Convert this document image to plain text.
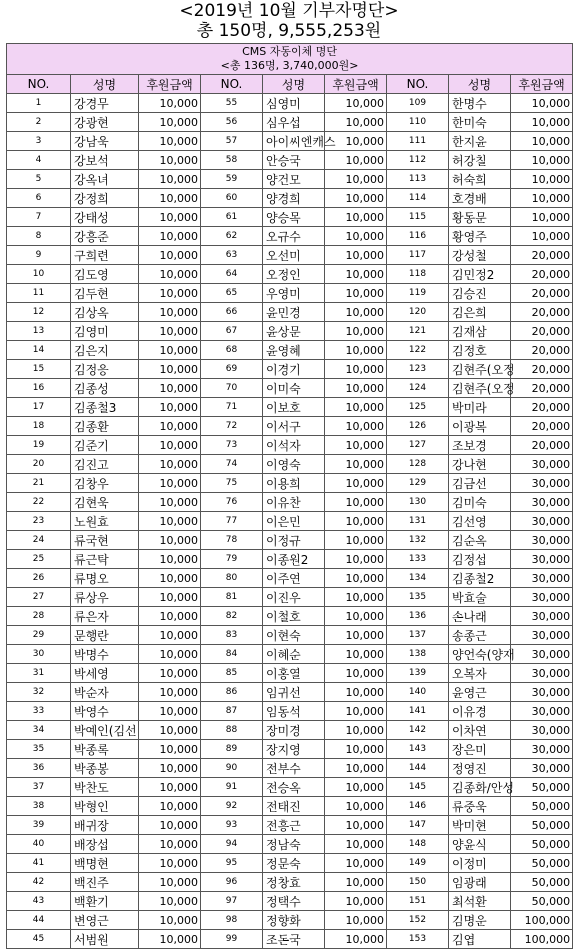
<2019년 10월 기부자명단>
총 150명, 9,555,253원
CMS 자동이체 명단
<총 136명, 3,740,000원>								

NO.	성명	후원금액	NO.	성명	후원금액	NO.	성명	후원금액
1	강경무	10,000	55	심영미	10,000	109	한명수	10,000
2	강광현	10,000	56	심우섭	10,000	110	한미숙	10,000
3	강남욱	10,000	57	아이씨엔캐스	10,000	111	한지윤	10,000
4	강보석	10,000	58	안승국	10,000	112	허강칠	10,000
5	강옥녀	10,000	59	양건모	10,000	113	허숙희	10,000
6	강정희	10,000	60	양경희	10,000	114	호경배	10,000
7	강태성	10,000	61	양승목	10,000	115	황동문	10,000
8	강흥준	10,000	62	오규수	10,000	116	황영주	10,000
9	구희련	10,000	63	오선미	10,000	117	강성철	20,000
10	김도영	10,000	64	오정인	10,000	118	김민정2	20,000
11	김두현	10,000	65	우영미	10,000	119	김승진	20,000
12	김상옥	10,000	66	윤민경	10,000	120	김은희	20,000
13	김영미	10,000	67	윤상문	10,000	121	김재삼	20,000
14	김은지	10,000	68	윤영혜	10,000	122	김정호	20,000
15	김정응	10,000	69	이경기	10,000	123	김현주(오정	20,000
16	김종성	10,000	70	이미숙	10,000	124	김현주(오정	20,000
17	김종철3	10,000	71	이보호	10,000	125	박미라	20,000
18	김종환	10,000	72	이서구	10,000	126	이광복	20,000
19	김준기	10,000	73	이석자	10,000	127	조보경	20,000
20	김진고	10,000	74	이영숙	10,000	128	강나현	30,000
21	김창우	10,000	75	이용희	10,000	129	김금선	30,000
22	김현욱	10,000	76	이유찬	10,000	130	김미숙	30,000
23	노원효	10,000	77	이은민	10,000	131	김선영	30,000
24	류국현	10,000	78	이정규	10,000	132	김순옥	30,000
25	류근탁	10,000	79	이종원2	10,000	133	김정섭	30,000
26	류명오	10,000	80	이주연	10,000	134	김종철2	30,000
27	류상우	10,000	81	이진우	10,000	135	박효술	30,000
28	류은자	10,000	82	이철호	10,000	136	손나래	30,000
29	문행란	10,000	83	이현숙	10,000	137	송종근	30,000
30	박명수	10,000	84	이혜순	10,000	138	양언숙(양재	30,000
31	박세영	10,000	85	이홍열	10,000	139	오복자	30,000
32	박순자	10,000	86	임귀선	10,000	140	윤영근	30,000
33	박영수	10,000	87	임동석	10,000	141	이유경	30,000
34	박예인(김선	10,000	88	장미경	10,000	142	이차연	30,000
35	박종록	10,000	89	장지영	10,000	143	장은미	30,000
36	박종봉	10,000	90	전부수	10,000	144	정영진	30,000
37	박찬도	10,000	91	전승옥	10,000	145	김종화/안성	50,000
38	박형인	10,000	92	전태진	10,000	146	류중욱	50,000
39	배귀장	10,000	93	전흥근	10,000	147	박미현	50,000
40	배장섭	10,000	94	정남숙	10,000	148	양윤식	50,000
41	백명현	10,000	95	정문숙	10,000	149	이정미	50,000
42	백진주	10,000	96	정창효	10,000	150	임광래	50,000
43	백환기	10,000	97	정택수	10,000	151	최석환	50,000
44	변영근	10,000	98	정향화	10,000	152	김명운	100,000
45	서범원	10,000	99	조돈국	10,000	153	김엽	100,000
